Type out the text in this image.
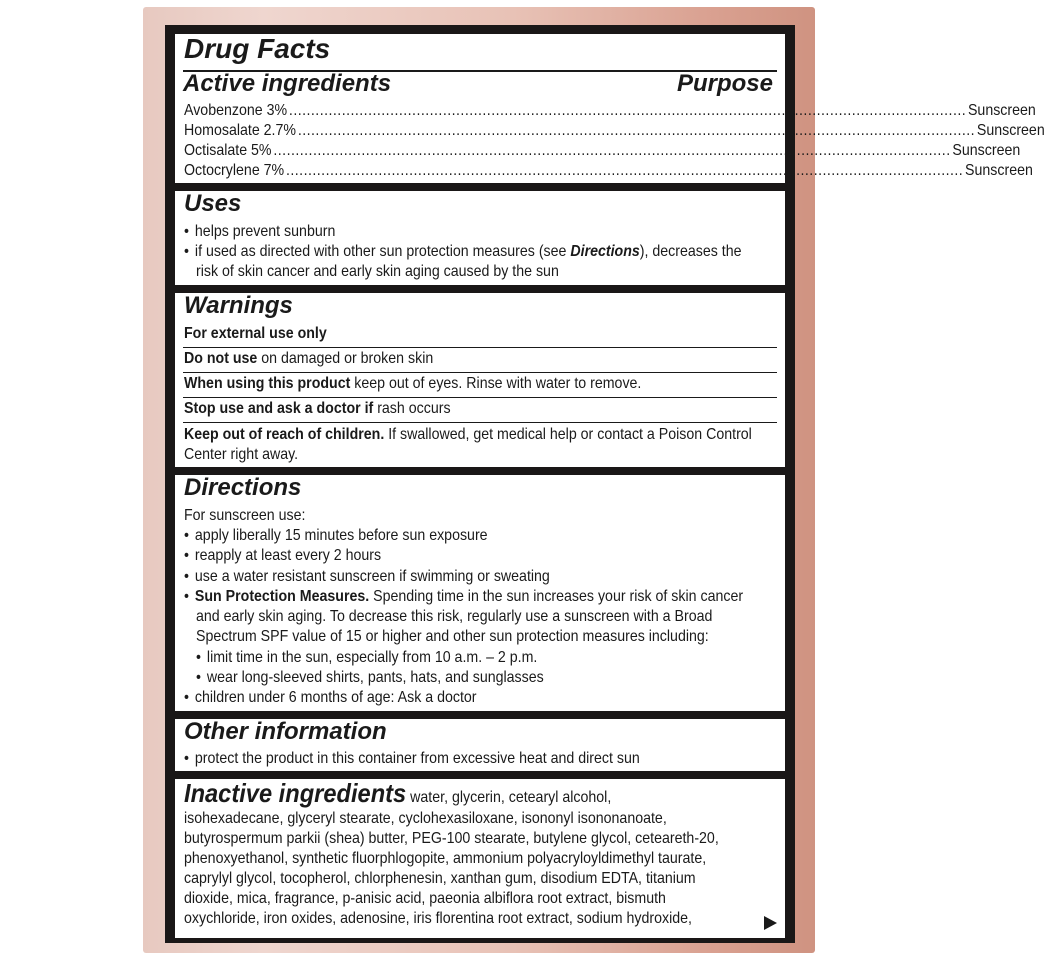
Drug Facts
Active ingredients	Purpose
Avobenzone 3% .......................................................................................................................................................... Sunscreen
Homosalate 2.7% .......................................................................................................................................................... Sunscreen
Octisalate 5% .......................................................................................................................................................... Sunscreen
Octocrylene 7% .......................................................................................................................................................... Sunscreen
Uses
• helps prevent sunburn
• if used as directed with other sun protection measures (see Directions), decreases the
risk of skin cancer and early skin aging caused by the sun
Warnings
For external use only
Do not use on damaged or broken skin
When using this product keep out of eyes. Rinse with water to remove.
Stop use and ask a doctor if rash occurs
Keep out of reach of children. If swallowed, get medical help or contact a Poison Control
Center right away.
Directions
For sunscreen use:
• apply liberally 15 minutes before sun exposure
• reapply at least every 2 hours
• use a water resistant sunscreen if swimming or sweating
• Sun Protection Measures. Spending time in the sun increases your risk of skin cancer
and early skin aging. To decrease this risk, regularly use a sunscreen with a Broad
Spectrum SPF value of 15 or higher and other sun protection measures including:
• limit time in the sun, especially from 10 a.m. – 2 p.m.
• wear long-sleeved shirts, pants, hats, and sunglasses
• children under 6 months of age: Ask a doctor
Other information
• protect the product in this container from excessive heat and direct sun
Inactive ingredients water, glycerin, cetearyl alcohol,
isohexadecane, glyceryl stearate, cyclohexasiloxane, isononyl isononanoate,
butyrospermum parkii (shea) butter, PEG-100 stearate, butylene glycol, ceteareth-20,
phenoxyethanol, synthetic fluorphlogopite, ammonium polyacryloyldimethyl taurate,
caprylyl glycol, tocopherol, chlorphenesin, xanthan gum, disodium EDTA, titanium
dioxide, mica, fragrance, p-anisic acid, paeonia albiflora root extract, bismuth
oxychloride, iron oxides, adenosine, iris florentina root extract, sodium hydroxide,
